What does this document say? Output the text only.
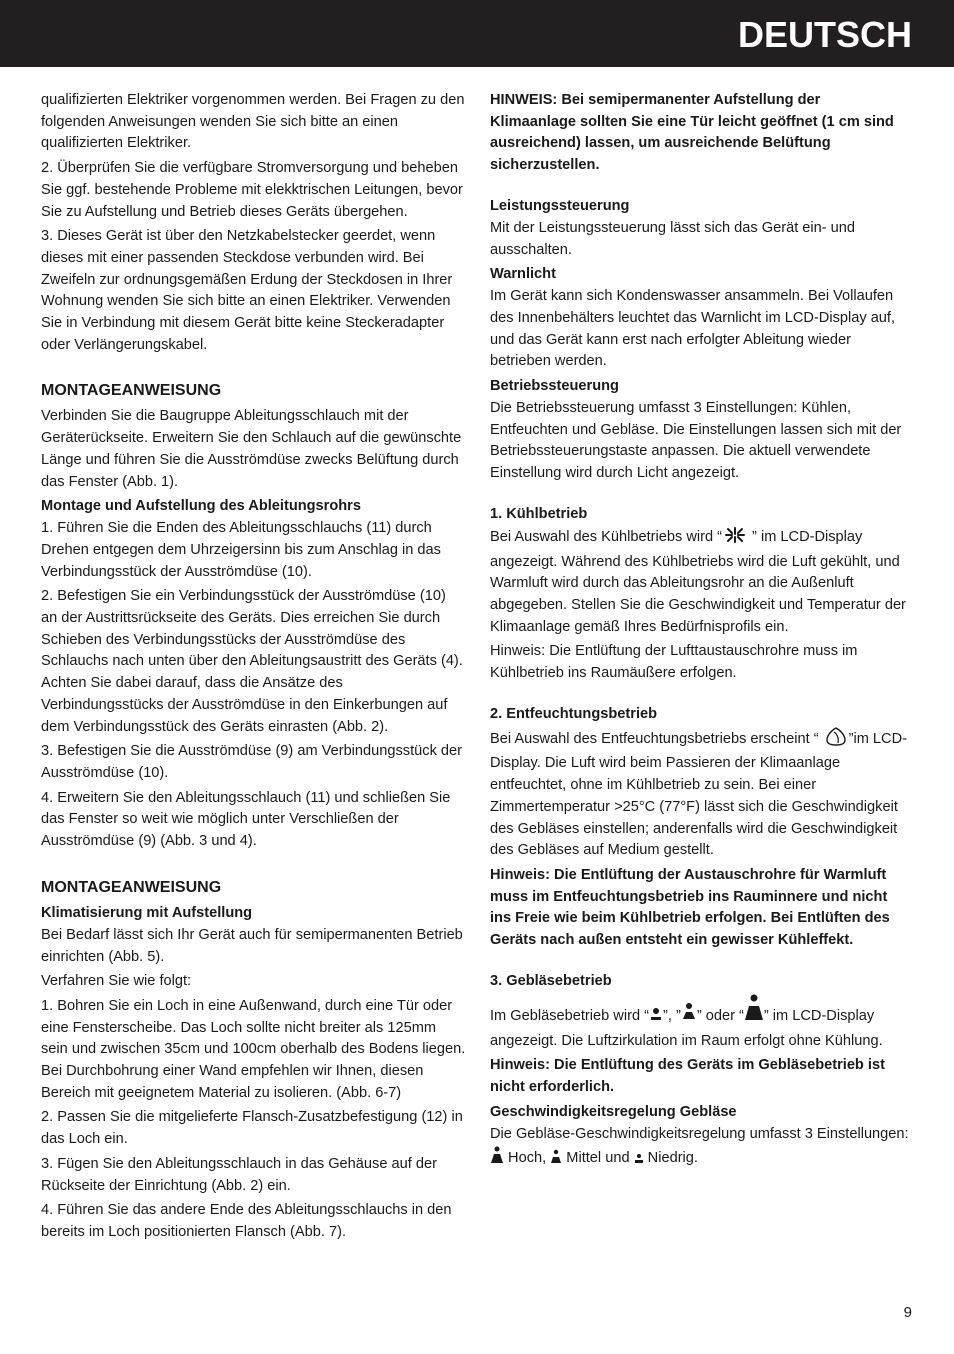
DEUTSCH

qualifizierten Elektriker vorgenommen werden. Bei Fragen zu den folgenden Anweisungen wenden Sie sich bitte an einen qualifizierten Elektriker.

2. Überprüfen Sie die verfügbare Stromversorgung und beheben Sie ggf. bestehende Probleme mit elekktrischen Leitungen, bevor Sie zu Aufstellung und Betrieb dieses Geräts übergehen.

3. Dieses Gerät ist über den Netzkabelstecker geerdet, wenn dieses mit einer passenden Steckdose verbunden wird. Bei Zweifeln zur ordnungsgemäßen Erdung der Steckdosen in Ihrer Wohnung wenden Sie sich bitte an einen Elektriker. Verwenden Sie in Verbindung mit diesem Gerät bitte keine Steckeradapter oder Verlängerungskabel.

MONTAGEANWEISUNG

Verbinden Sie die Baugruppe Ableitungsschlauch mit der Geräterückseite. Erweitern Sie den Schlauch auf die gewünschte Länge und führen Sie die Ausströmdüse zwecks Belüftung durch das Fenster (Abb. 1).

Montage und Aufstellung des Ableitungsrohrs

1. Führen Sie die Enden des Ableitungsschlauchs (11) durch Drehen entgegen dem Uhrzeigersinn bis zum Anschlag in das Verbindungsstück der Ausströmdüse (10).

2. Befestigen Sie ein Verbindungsstück der Ausströmdüse (10) an der Austrittsrückseite des Geräts. Dies erreichen Sie durch Schieben des Verbindungsstücks der Ausströmdüse des Schlauchs nach unten über den Ableitungsaustritt des Geräts (4). Achten Sie dabei darauf, dass die Ansätze des Verbindungsstücks der Ausströmdüse in den Einkerbungen auf dem Verbindungsstück des Geräts einrasten (Abb. 2).

3. Befestigen Sie die Ausströmdüse (9) am Verbindungsstück der Ausströmdüse (10).

4. Erweitern Sie den Ableitungsschlauch (11) und schließen Sie das Fenster so weit wie möglich unter Verschließen der Ausströmdüse (9) (Abb. 3 und 4).

MONTAGEANWEISUNG
Klimatisierung mit Aufstellung

Bei Bedarf lässt sich Ihr Gerät auch für semipermanenten Betrieb einrichten (Abb. 5).

Verfahren Sie wie folgt:

1. Bohren Sie ein Loch in eine Außenwand, durch eine Tür oder eine Fensterscheibe. Das Loch sollte nicht breiter als 125mm sein und zwischen 35cm und 100cm oberhalb des Bodens liegen. Bei Durchbohrung einer Wand empfehlen wir Ihnen, diesen Bereich mit geeignetem Material zu isolieren. (Abb. 6-7)

2. Passen Sie die mitgelieferte Flansch-Zusatzbefestigung (12) in das Loch ein.

3. Fügen Sie den Ableitungsschlauch in das Gehäuse auf der Rückseite der Einrichtung (Abb. 2) ein.

4. Führen Sie das andere Ende des Ableitungsschlauchs in den bereits im Loch positionierten Flansch (Abb. 7).

HINWEIS: Bei semipermanenter Aufstellung der Klimaanlage sollten Sie eine Tür leicht geöffnet (1 cm sind ausreichend) lassen, um ausreichende Belüftung sicherzustellen.

Leistungssteuerung

Mit der Leistungssteuerung lässt sich das Gerät ein- und ausschalten.

Warnlicht

Im Gerät kann sich Kondenswasser ansammeln. Bei Vollaufen des Innenbehälters leuchtet das Warnlicht im LCD-Display auf, und das Gerät kann erst nach erfolgter Ableitung wieder betrieben werden.

Betriebssteuerung

Die Betriebssteuerung umfasst 3 Einstellungen: Kühlen, Entfeuchten und Gebläse. Die Einstellungen lassen sich mit der Betriebssteuerungstaste anpassen. Die aktuell verwendete Einstellung wird durch Licht angezeigt.

1. Kühlbetrieb

Bei Auswahl des Kühlbetriebs wird “ ” im LCD-Display angezeigt. Während des Kühlbetriebs wird die Luft gekühlt, und Warmluft wird durch das Ableitungsrohr an die Außenluft abgegeben. Stellen Sie die Geschwindigkeit und Temperatur der Klimaanlage gemäß Ihres Bedürfnisprofils ein.

Hinweis: Die Entlüftung der Lufttaustauschrohre muss im Kühlbetrieb ins Raumäußere erfolgen.

2. Entfeuchtungsbetrieb

Bei Auswahl des Entfeuchtungsbetriebs erscheint “ ”im LCD-Display. Die Luft wird beim Passieren der Klimaanlage entfeuchtet, ohne im Kühlbetrieb zu sein. Bei einer Zimmertemperatur >25°C (77°F) lässt sich die Geschwindigkeit des Gebläses einstellen; anderenfalls wird die Geschwindigkeit des Gebläses auf Medium gestellt.

Hinweis: Die Entlüftung der Austauschrohre für Warmluft muss im Entfeuchtungsbetrieb ins Rauminnere und nicht ins Freie wie beim Kühlbetrieb erfolgen. Bei Entlüften des Geräts nach außen entsteht ein gewisser Kühleffekt.

3. Gebläsebetrieb

Im Gebläsebetrieb wird “ ”, ” ” oder “ ” im LCD-Display angezeigt. Die Luftzirkulation im Raum erfolgt ohne Kühlung.

Hinweis: Die Entlüftung des Geräts im Gebläsebetrieb ist nicht erforderlich.

Geschwindigkeitsregelung Gebläse

Die Gebläse-Geschwindigkeitsregelung umfasst 3 Einstellungen:
Hoch,  Mittel und  Niedrig.

9
